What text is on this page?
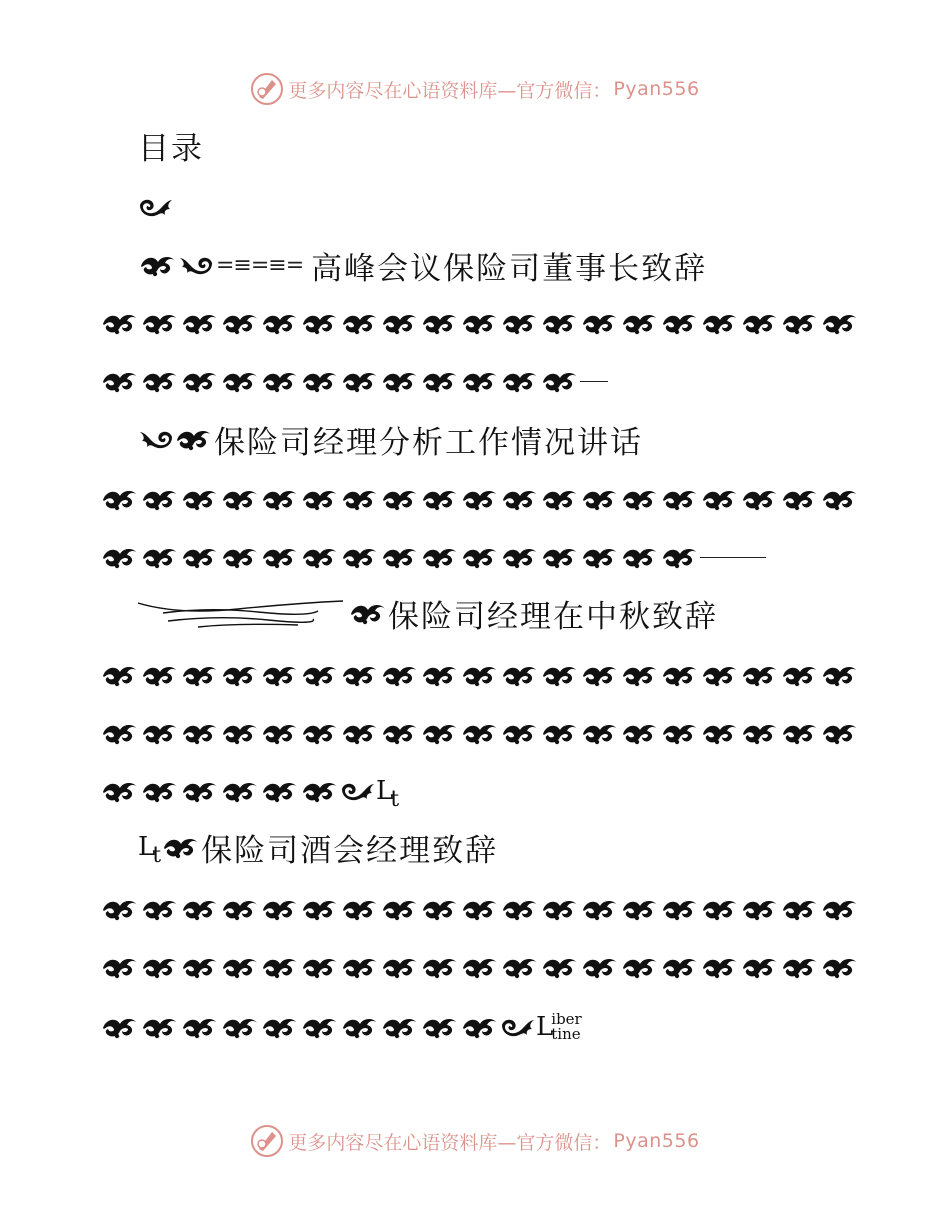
更多内容尽在心语资料库—官方微信： Pyan556
目录
=≡=≡= 高峰会议保险司董事长致辞
保险司经理分析工作情况讲话
保险司经理在中秋致辞
L
t
L
t 保险司酒会经理致辞
L
iber
tine
更多内容尽在心语资料库—官方微信： Pyan556
